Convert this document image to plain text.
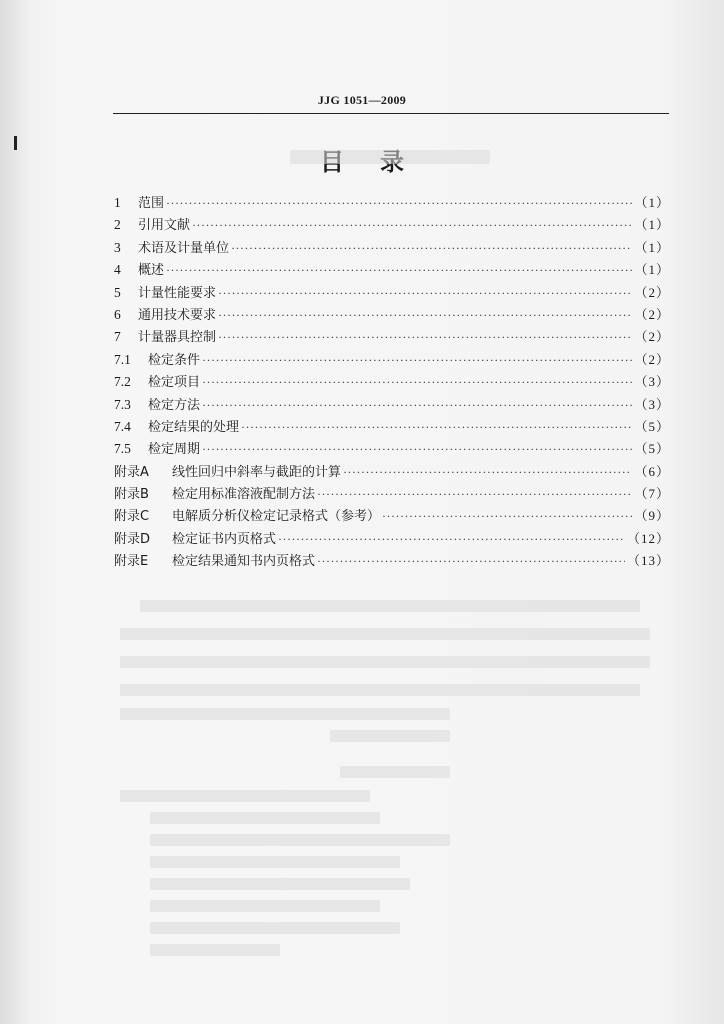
JJG 1051—2009
1	范围 ·····	（1）
2	引用文献 ·····	（1）
3	术语及计量单位 ·····	（1）
4	概述 ·····	（1）
5	计量性能要求 ·····	（2）
6	通用技术要求 ·····	（2）
7	计量器具控制 ·····	（2）
7.1	检定条件 ·····	（2）
7.2	检定项目 ·····	（3）
7.3	检定方法 ·····	（3）
7.4	检定结果的处理 ·····	（5）
7.5	检定周期 ·····	（5）
附录A	线性回归中斜率与截距的计算 ·····	（6）
附录B	检定用标准溶液配制方法 ·····	（7）
附录C	电解质分析仪检定记录格式（参考） ·····	（9）
附录D	检定证书内页格式 ·····	（12）
附录E	检定结果通知书内页格式 ·····	（13）
